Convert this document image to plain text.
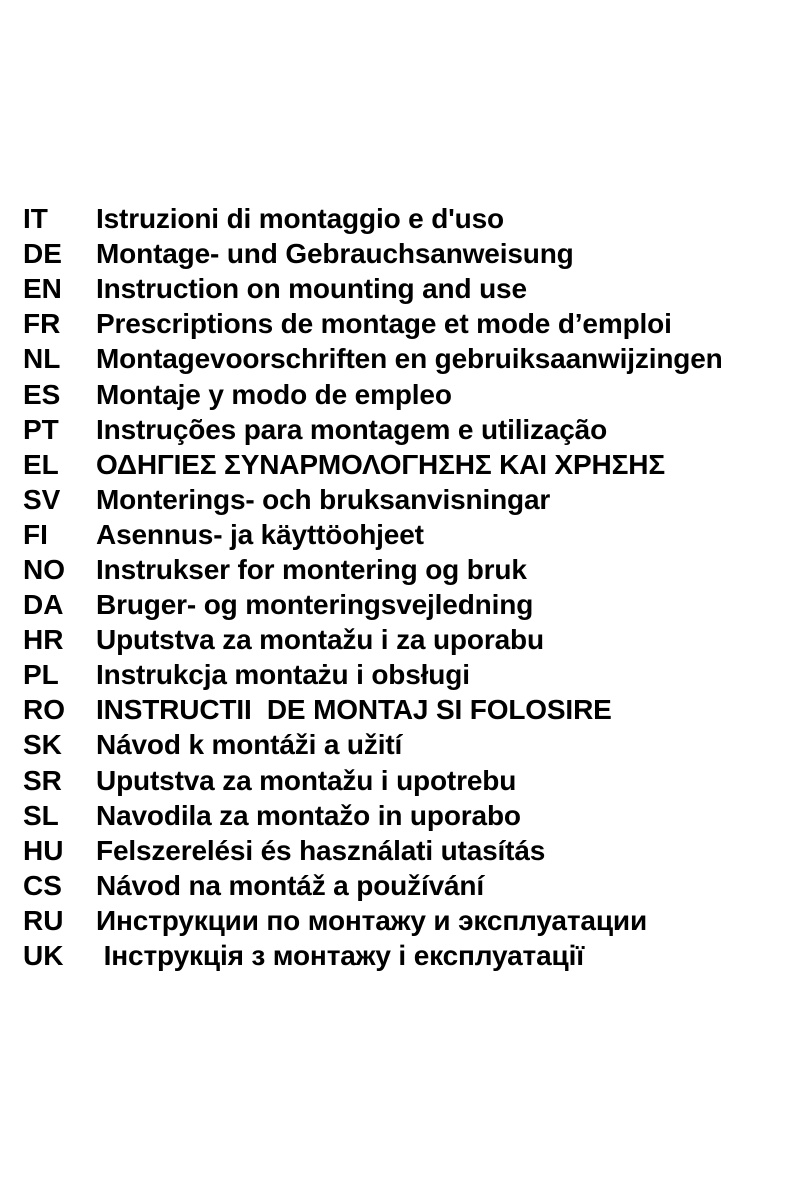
IT	Istruzioni di montaggio e d'uso
DE	Montage- und Gebrauchsanweisung
EN	Instruction on mounting and use
FR	Prescriptions de montage et mode d’emploi
NL	Montagevoorschriften en gebruiksaanwijzingen
ES	Montaje y modo de empleo
PT	Instruções para montagem e utilização
EL	ΟΔΗΓΙΕΣ ΣΥΝΑΡΜΟΛΟΓΗΣΗΣ ΚΑΙ ΧΡΗΣΗΣ
SV	Monterings- och bruksanvisningar
FI	Asennus- ja käyttöohjeet
NO	Instrukser for montering og bruk
DA	Bruger- og monteringsvejledning
HR	Uputstva za montažu i za uporabu
PL	Instrukcja montażu i obsługi
RO	INSTRUCTII  DE MONTAJ SI FOLOSIRE
SK	Návod k montáži a užití
SR	Uputstva za montažu i upotrebu
SL	Navodila za montažo in uporabo
HU	Felszerelési és használati utasítás
CS	Návod na montáž a používání
RU	Инструкции по монтажу и эксплуатации
UK	Інструкція з монтажу і експлуатації
